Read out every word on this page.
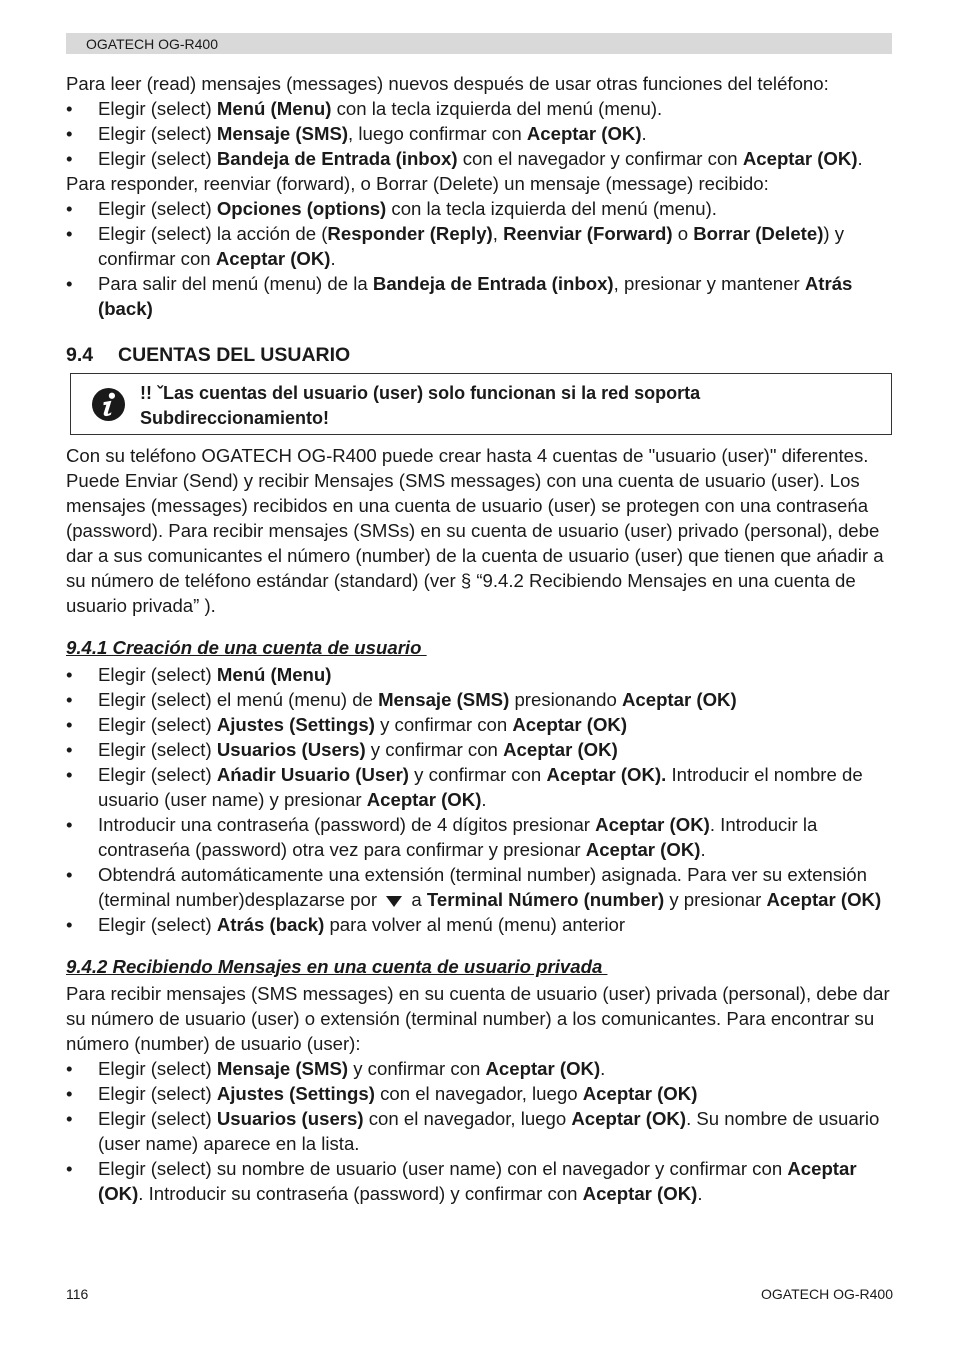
OGATECH OG-R400

Para leer (read) mensajes (messages) nuevos después de usar otras funciones del teléfono:

• Elegir (select) Menú (Menu) con la tecla izquierda del menú (menu).
• Elegir (select) Mensaje (SMS), luego confirmar con Aceptar (OK).
• Elegir (select) Bandeja de Entrada (inbox) con el navegador y confirmar con Aceptar (OK).

Para responder, reenviar (forward), o Borrar (Delete) un mensaje (message) recibido:

• Elegir (select) Opciones (options) con la tecla izquierda del menú (menu).
• Elegir (select) la acción de (Responder (Reply), Reenviar (Forward) o Borrar (Delete)) y confirmar con Aceptar (OK).
• Para salir del menú (menu) de la Bandeja de Entrada (inbox), presionar y mantener Atrás (back)
9.4 CUENTAS DEL USUARIO
!! ˇLas cuentas del usuario (user) solo funcionan si la red soporta
Subdireccionamiento!

Con su teléfono OGATECH OG-R400 puede crear hasta 4 cuentas de "usuario (user)" diferentes. Puede Enviar (Send) y recibir Mensajes (SMS messages) con una cuenta de usuario (user). Los mensajes (messages) recibidos en una cuenta de usuario (user) se protegen con una contraseńa (password). Para recibir mensajes (SMSs) en su cuenta de usuario (user) privado (personal), debe dar a sus comunicantes el número (number) de la cuenta de usuario (user) que tienen que ańadir a su número de teléfono estándar (standard) (ver § “9.4.2 Recibiendo Mensajes en una cuenta de usuario privada” ).

9.4.1 Creación de una cuenta de usuario
• Elegir (select) Menú (Menu)
• Elegir (select) el menú (menu) de Mensaje (SMS) presionando Aceptar (OK)
• Elegir (select) Ajustes (Settings) y confirmar con Aceptar (OK)
• Elegir (select) Usuarios (Users) y confirmar con Aceptar (OK)
• Elegir (select) Ańadir Usuario (User) y confirmar con Aceptar (OK). Introducir el nombre de usuario (user name) y presionar Aceptar (OK).
• Introducir una contraseńa (password) de 4 dígitos presionar Aceptar (OK). Introducir la contraseńa (password) otra vez para confirmar y presionar Aceptar (OK).
• Obtendrá automáticamente una extensión (terminal number) asignada. Para ver su extensión (terminal number)desplazarse por  a Terminal Número (number) y presionar Aceptar (OK)
• Elegir (select) Atrás (back) para volver al menú (menu) anterior
9.4.2 Recibiendo Mensajes en una cuenta de usuario privada

Para recibir mensajes (SMS messages) en su cuenta de usuario (user) privada (personal), debe dar su número de usuario (user) o extensión (terminal number) a los comunicantes. Para encontrar su número (number) de usuario (user):

• Elegir (select) Mensaje (SMS) y confirmar con Aceptar (OK).
• Elegir (select) Ajustes (Settings) con el navegador, luego Aceptar (OK)
• Elegir (select) Usuarios (users) con el navegador, luego Aceptar (OK). Su nombre de usuario (user name) aparece en la lista.
• Elegir (select) su nombre de usuario (user name) con el navegador y confirmar con Aceptar (OK). Introducir su contraseńa (password) y confirmar con Aceptar (OK).
116	OGATECH OG-R400
